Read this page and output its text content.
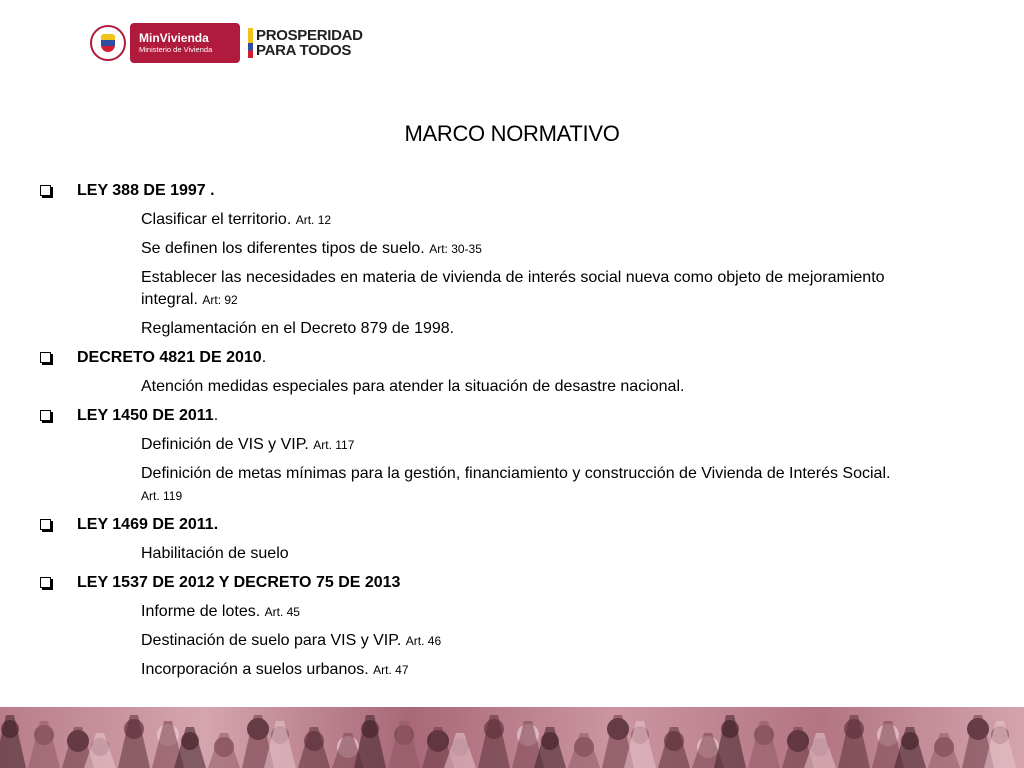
MinVivienda
Ministerio de Vivienda
PROSPERIDAD
PARA TODOS
MARCO NORMATIVO
LEY 388 DE 1997 .
Clasificar el territorio. Art. 12
Se definen los diferentes tipos de suelo. Art: 30-35
Establecer las necesidades en materia de vivienda de interés social nueva como objeto de mejoramiento integral. Art: 92
Reglamentación en el Decreto 879 de 1998.
DECRETO 4821 DE 2010.
Atención medidas especiales para atender la situación de desastre nacional.
LEY 1450 DE 2011.
Definición de VIS y VIP. Art. 117
Definición de metas mínimas para la gestión, financiamiento y construcción de Vivienda de Interés Social. Art. 119
LEY 1469 DE 2011.
Habilitación de suelo
LEY 1537 DE 2012 Y DECRETO 75 DE 2013
Informe de lotes. Art. 45
Destinación de suelo para VIS y VIP. Art. 46
Incorporación a suelos urbanos. Art. 47
